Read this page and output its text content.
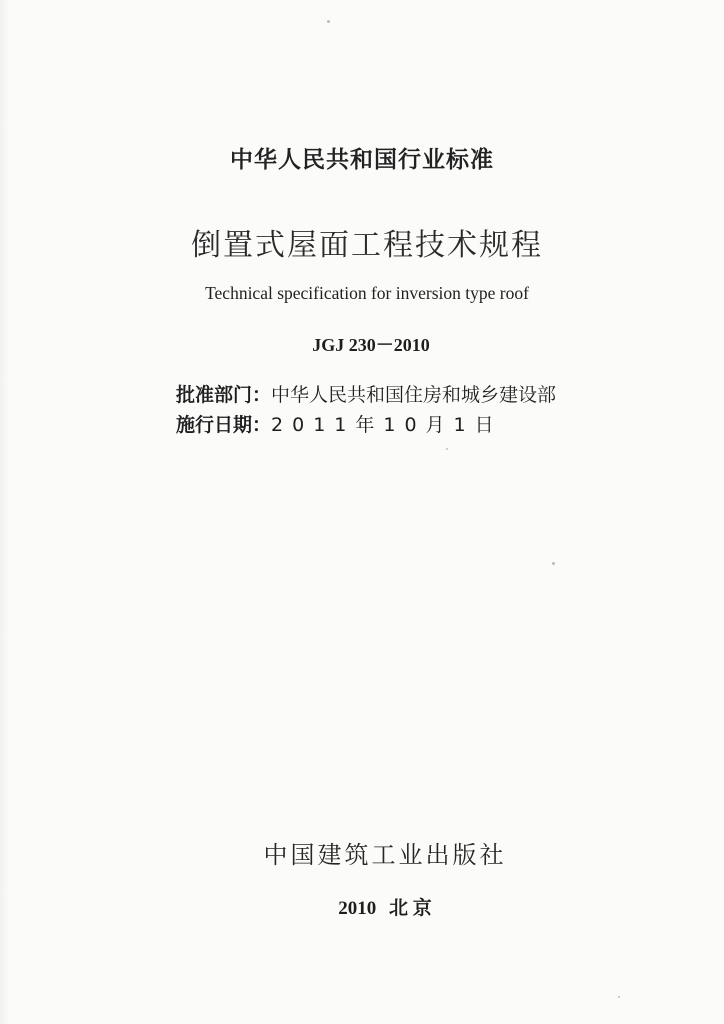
中华人民共和国行业标准
倒置式屋面工程技术规程
Technical specification for inversion type roof
JGJ 230－2010
批准部门：中华人民共和国住房和城乡建设部
施行日期：2011年10月1日
中国建筑工业出版社
2010 北 京
